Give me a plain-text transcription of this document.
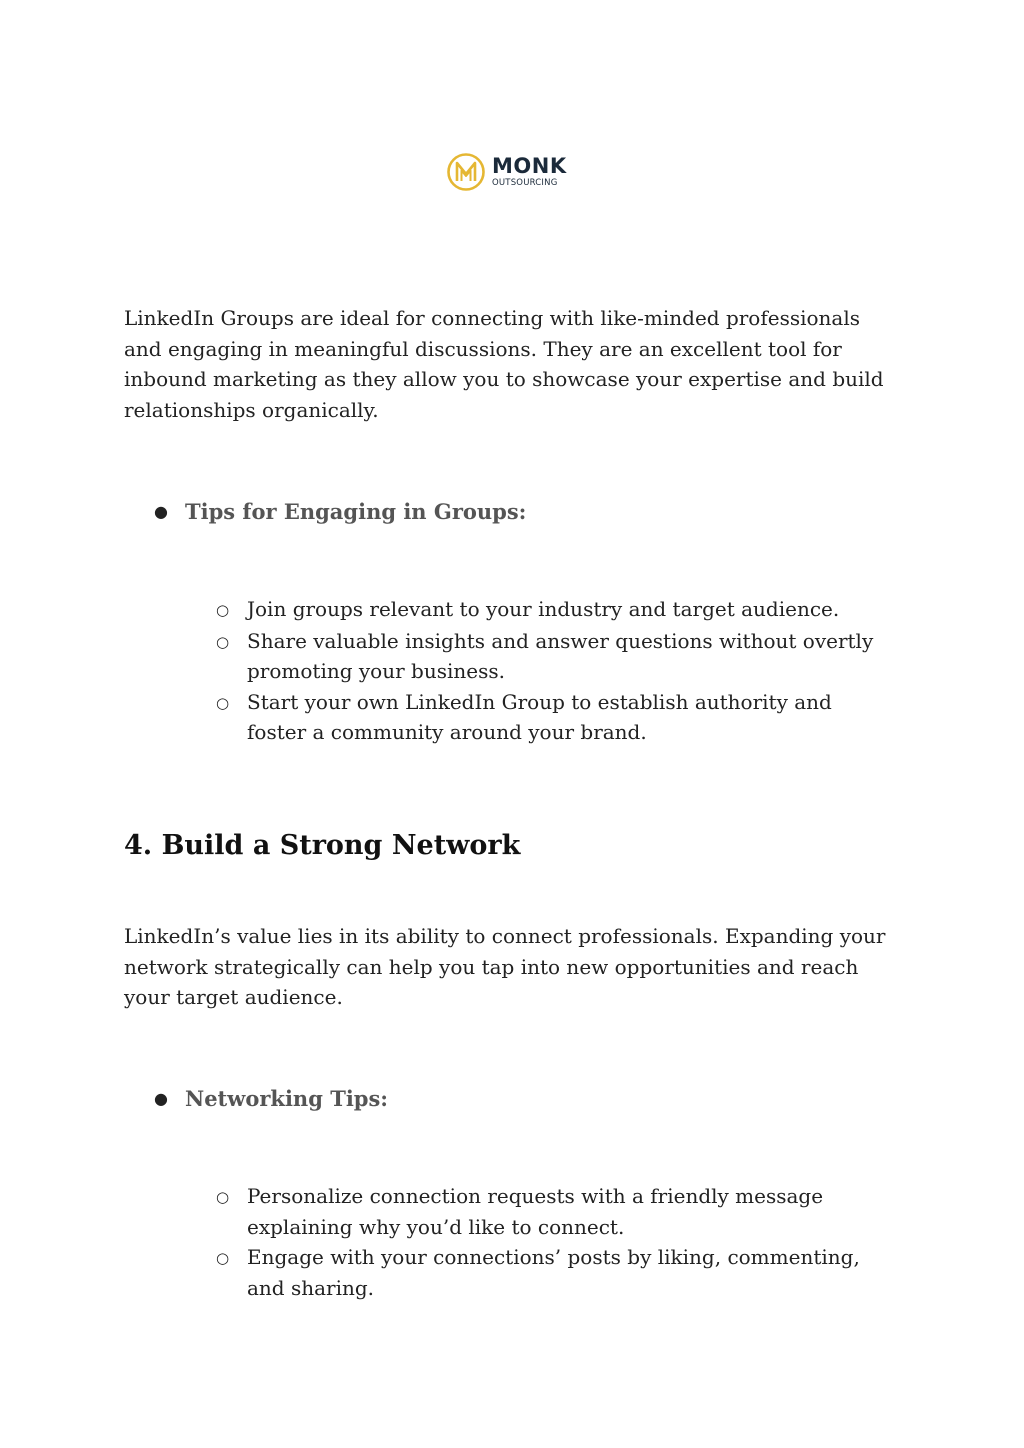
MONK
OUTSOURCING

LinkedIn Groups are ideal for connecting with like-minded professionals
and engaging in meaningful discussions. They are an excellent tool for
inbound marketing as they allow you to showcase your expertise and build
relationships organically.

● Tips for Engaging in Groups:
○ Join groups relevant to your industry and target audience.
○ Share valuable insights and answer questions without overtly
promoting your business.
○ Start your own LinkedIn Group to establish authority and
foster a community around your brand.
4. Build a Strong Network

LinkedIn’s value lies in its ability to connect professionals. Expanding your
network strategically can help you tap into new opportunities and reach
your target audience.

● Networking Tips:
○ Personalize connection requests with a friendly message
explaining why you’d like to connect.
○ Engage with your connections’ posts by liking, commenting,
and sharing.
